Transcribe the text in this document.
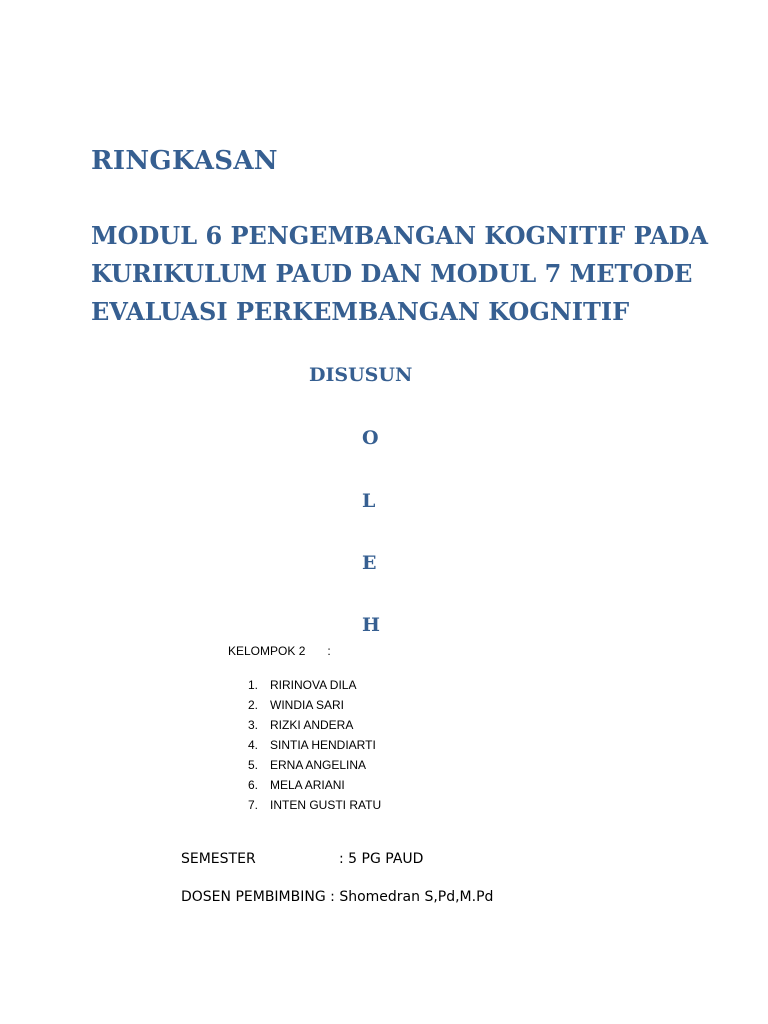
RINGKASAN
MODUL 6 PENGEMBANGAN KOGNITIF PADA
KURIKULUM PAUD DAN MODUL 7 METODE
EVALUASI PERKEMBANGAN KOGNITIF
DISUSUN
O
L
E
H
KELOMPOK 2 :
1. RIRINOVA DILA
2. WINDIA SARI
3. RIZKI ANDERA
4. SINTIA HENDIARTI
5. ERNA ANGELINA
6. MELA ARIANI
7. INTEN GUSTI RATU
SEMESTER	: 5 PG PAUD
DOSEN PEMBIMBING : Shomedran S,Pd,M.Pd
